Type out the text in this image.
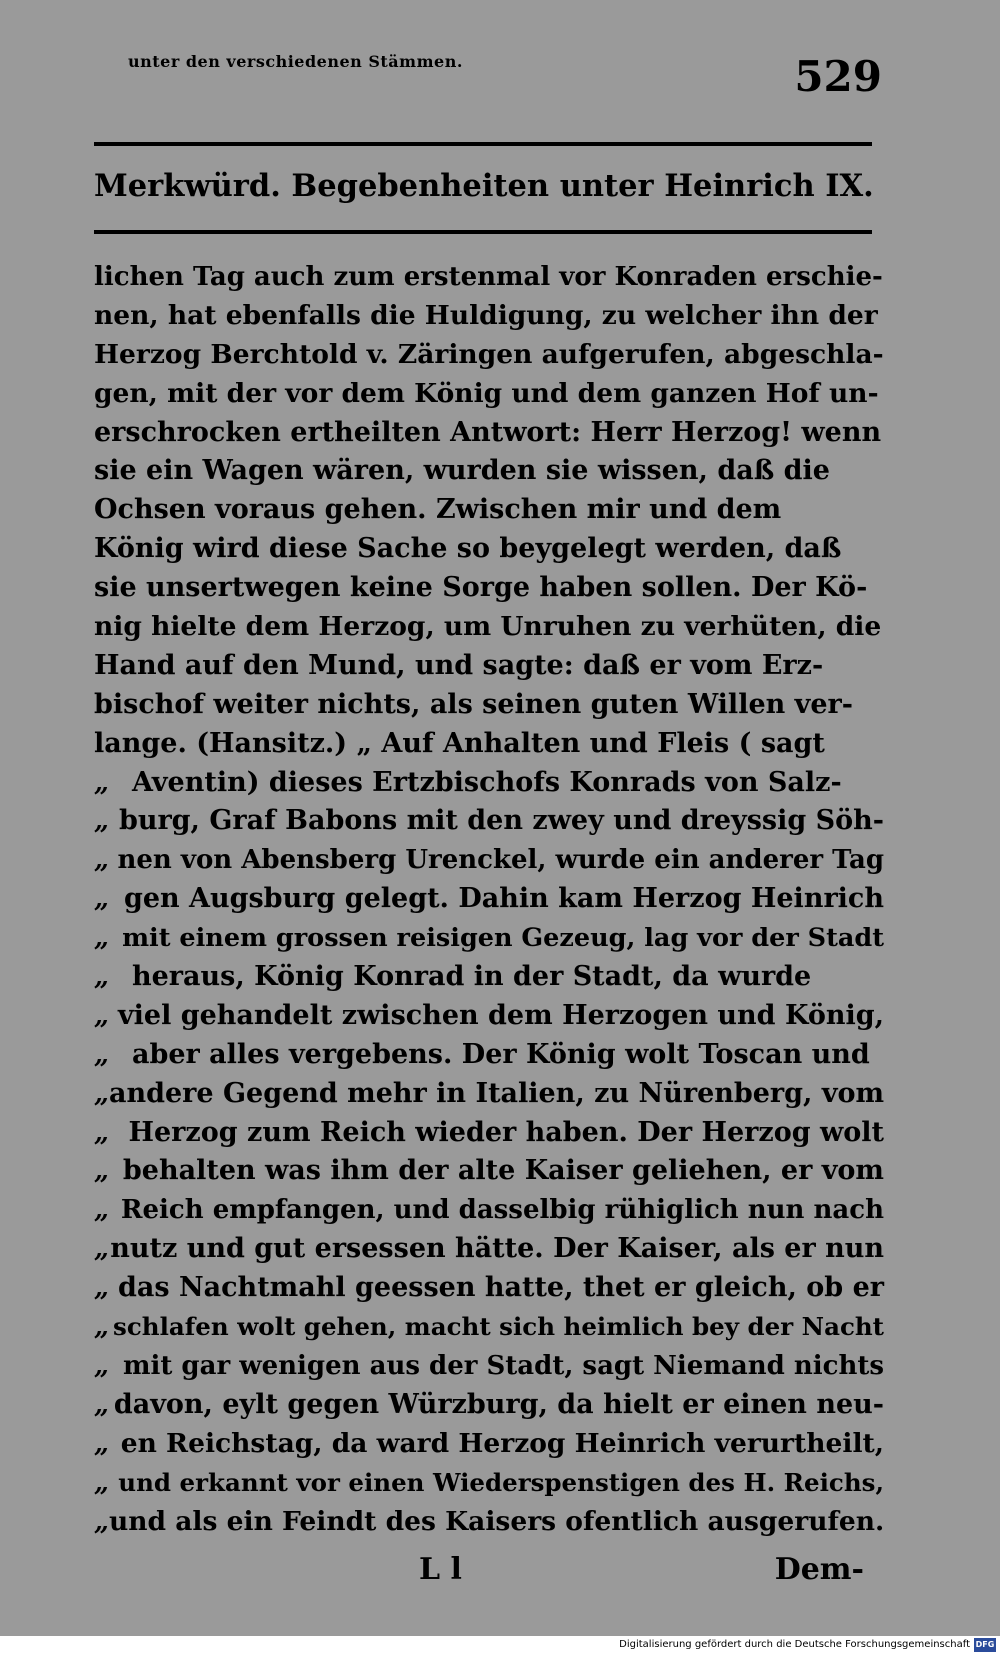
unter den verschiedenen Stämmen.	529
Merkwürd. Begebenheiten unter Heinrich IX.
lichen Tag auch zum erstenmal vor Konraden erschie-
nen, hat ebenfalls die Huldigung, zu welcher ihn der
Herzog Berchtold v. Zäringen aufgerufen, abgeschla-
gen, mit der vor dem König und dem ganzen Hof un-
erschrocken ertheilten Antwort: Herr Herzog! wenn
sie ein Wagen wären, wurden sie wissen, daß die
Ochsen voraus gehen. Zwischen mir und dem
König wird diese Sache so beygelegt werden, daß
sie unsertwegen keine Sorge haben sollen. Der Kö-
nig hielte dem Herzog, um Unruhen zu verhüten, die
Hand auf den Mund, und sagte: daß er vom Erz-
bischof weiter nichts, als seinen guten Willen ver-
lange. (Hansitz.) „ Auf Anhalten und Fleis ( sagt
„ Aventin) dieses Ertzbischofs Konrads von Salz-
„ burg, Graf Babons mit den zwey und dreyssig Söh-
„ nen von Abensberg Urenckel, wurde ein anderer Tag
„ gen Augsburg gelegt. Dahin kam Herzog Heinrich
„ mit einem grossen reisigen Gezeug, lag vor der Stadt
„ heraus, König Konrad in der Stadt, da wurde
„ viel gehandelt zwischen dem Herzogen und König,
„ aber alles vergebens. Der König wolt Toscan und
„ andere Gegend mehr in Italien, zu Nürenberg, vom
„ Herzog zum Reich wieder haben. Der Herzog wolt
„ behalten was ihm der alte Kaiser geliehen, er vom
„ Reich empfangen, und dasselbig rühiglich nun nach
„ nutz und gut ersessen hätte. Der Kaiser, als er nun
„ das Nachtmahl geessen hatte, thet er gleich, ob er
„ schlafen wolt gehen, macht sich heimlich bey der Nacht
„ mit gar wenigen aus der Stadt, sagt Niemand nichts
„ davon, eylt gegen Würzburg, da hielt er einen neu-
„ en Reichstag, da ward Herzog Heinrich verurtheilt,
„ und erkannt vor einen Wiederspenstigen des H. Reichs,
„ und als ein Feindt des Kaisers ofentlich ausgerufen.
L l	Dem-
Digitalisierung gefördert durch die Deutsche Forschungsgemeinschaft DFG
